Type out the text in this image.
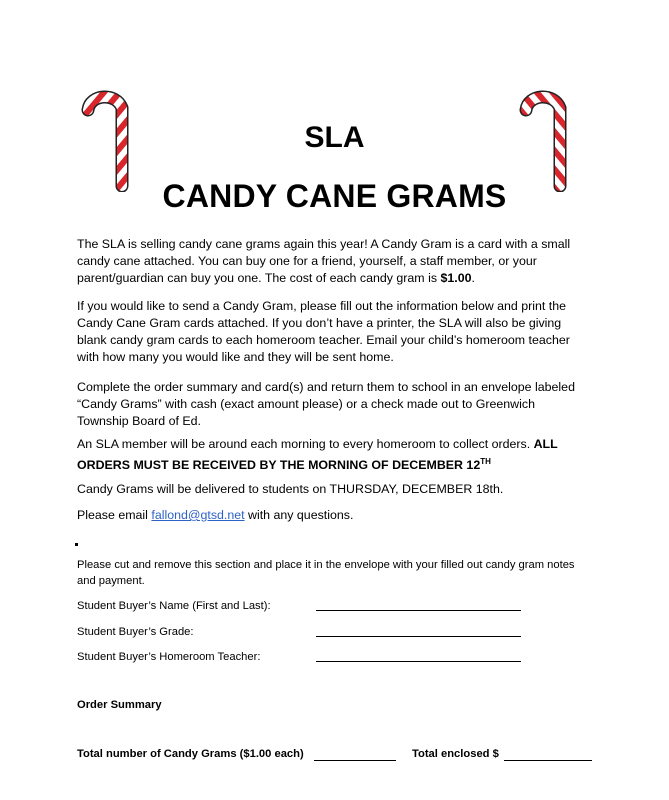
SLA
CANDY CANE GRAMS

The SLA is selling candy cane grams again this year! A Candy Gram is a card with a small candy cane attached. You can buy one for a friend, yourself, a staff member, or your parent/guardian can buy you one. The cost of each candy gram is $1.00.

If you would like to send a Candy Gram, please fill out the information below and print the Candy Cane Gram cards attached. If you don’t have a printer, the SLA will also be giving blank candy gram cards to each homeroom teacher. Email your child’s homeroom teacher with how many you would like and they will be sent home.

Complete the order summary and card(s) and return them to school in an envelope labeled “Candy Grams” with cash (exact amount please) or a check made out to Greenwich Township Board of Ed.

An SLA member will be around each morning to every homeroom to collect orders. ALL ORDERS MUST BE RECEIVED BY THE MORNING OF DECEMBER 12TH

Candy Grams will be delivered to students on THURSDAY, DECEMBER 18th.

Please email fallond@gtsd.net with any questions.

Please cut and remove this section and place it in the envelope with your filled out candy gram notes and payment.

Student Buyer’s Name (First and Last):
Student Buyer’s Grade:
Student Buyer’s Homeroom Teacher:
Order Summary
Total number of Candy Grams ($1.00 each)	Total enclosed $
